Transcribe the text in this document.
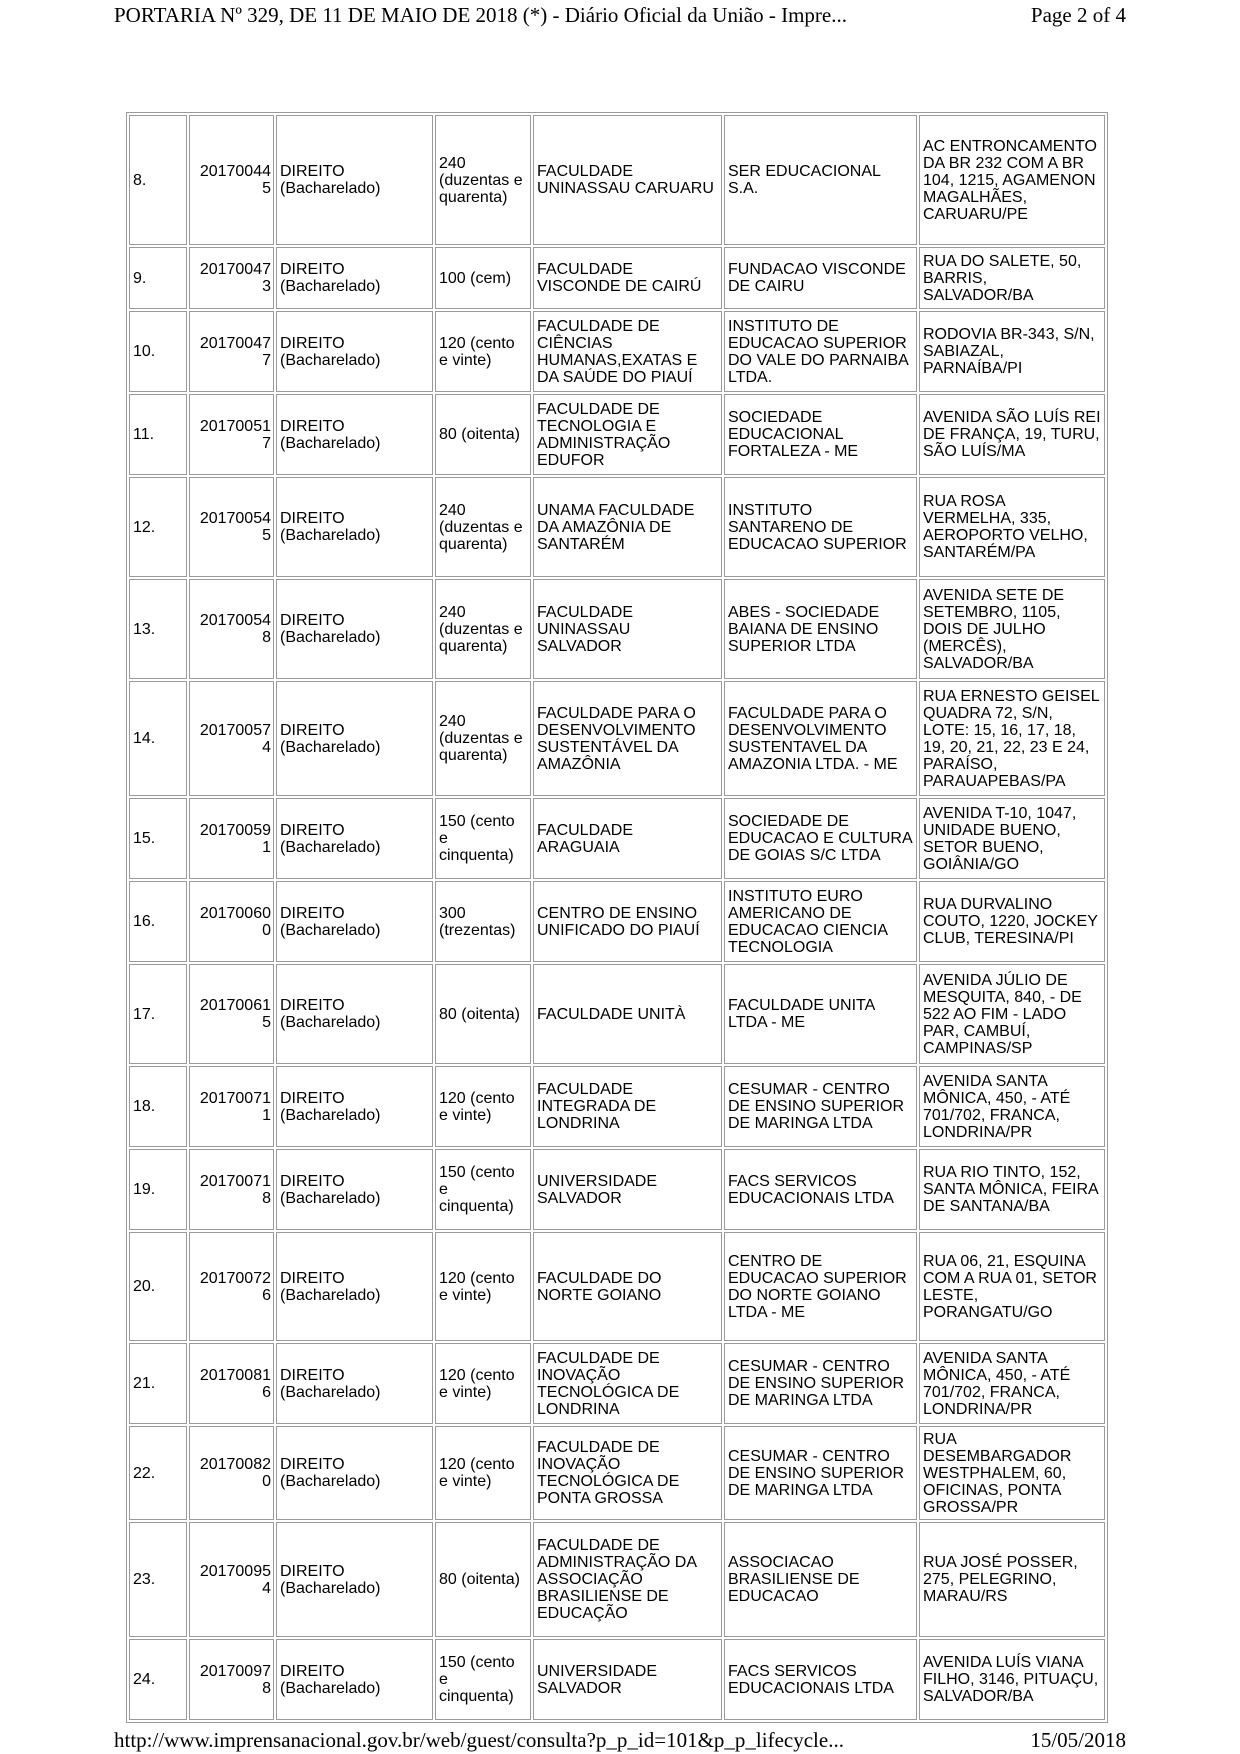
PORTARIA Nº 329, DE 11 DE MAIO DE 2018 (*) - Diário Oficial da União - Impre...	Page 2 of 4
8.	201700445	DIREITO (Bacharelado)	240 (duzentas e quarenta)	FACULDADE UNINASSAU CARUARU	SER EDUCACIONAL S.A.	AC ENTRONCAMENTO DA BR 232 COM A BR 104, 1215, AGAMENON MAGALHÃES, CARUARU/PE
9.	201700473	DIREITO (Bacharelado)	100 (cem)	FACULDADE VISCONDE DE CAIRÚ	FUNDACAO VISCONDE DE CAIRU	RUA DO SALETE, 50, BARRIS, SALVADOR/BA
10.	201700477	DIREITO (Bacharelado)	120 (cento e vinte)	FACULDADE DE CIÊNCIAS HUMANAS,EXATAS E DA SAÚDE DO PIAUÍ	INSTITUTO DE EDUCACAO SUPERIOR DO VALE DO PARNAIBA LTDA.	RODOVIA BR-343, S/N, SABIAZAL, PARNAÍBA/PI
11.	201700517	DIREITO (Bacharelado)	80 (oitenta)	FACULDADE DE TECNOLOGIA E ADMINISTRAÇÃO EDUFOR	SOCIEDADE EDUCACIONAL FORTALEZA - ME	AVENIDA SÃO LUÍS REI DE FRANÇA, 19, TURU, SÃO LUÍS/MA
12.	201700545	DIREITO (Bacharelado)	240 (duzentas e quarenta)	UNAMA FACULDADE DA AMAZÔNIA DE SANTARÉM	INSTITUTO SANTARENO DE EDUCACAO SUPERIOR	RUA ROSA VERMELHA, 335, AEROPORTO VELHO, SANTARÉM/PA
13.	201700548	DIREITO (Bacharelado)	240 (duzentas e quarenta)	FACULDADE UNINASSAU SALVADOR	ABES - SOCIEDADE BAIANA DE ENSINO SUPERIOR LTDA	AVENIDA SETE DE SETEMBRO, 1105, DOIS DE JULHO (MERCÊS), SALVADOR/BA
14.	201700574	DIREITO (Bacharelado)	240 (duzentas e quarenta)	FACULDADE PARA O DESENVOLVIMENTO SUSTENTÁVEL DA AMAZÔNIA	FACULDADE PARA O DESENVOLVIMENTO SUSTENTAVEL DA AMAZONIA LTDA. - ME	RUA ERNESTO GEISEL QUADRA 72, S/N, LOTE: 15, 16, 17, 18, 19, 20, 21, 22, 23 E 24, PARAÍSO, PARAUAPEBAS/PA
15.	201700591	DIREITO (Bacharelado)	150 (cento e cinquenta)	FACULDADE ARAGUAIA	SOCIEDADE DE EDUCACAO E CULTURA DE GOIAS S/C LTDA	AVENIDA T-10, 1047, UNIDADE BUENO, SETOR BUENO, GOIÂNIA/GO
16.	201700600	DIREITO (Bacharelado)	300 (trezentas)	CENTRO DE ENSINO UNIFICADO DO PIAUÍ	INSTITUTO EURO AMERICANO DE EDUCACAO CIENCIA TECNOLOGIA	RUA DURVALINO COUTO, 1220, JOCKEY CLUB, TERESINA/PI
17.	201700615	DIREITO (Bacharelado)	80 (oitenta)	FACULDADE UNITÀ	FACULDADE UNITA LTDA - ME	AVENIDA JÚLIO DE MESQUITA, 840, - DE 522 AO FIM - LADO PAR, CAMBUÍ, CAMPINAS/SP
18.	201700711	DIREITO (Bacharelado)	120 (cento e vinte)	FACULDADE INTEGRADA DE LONDRINA	CESUMAR - CENTRO DE ENSINO SUPERIOR DE MARINGA LTDA	AVENIDA SANTA MÔNICA, 450, - ATÉ 701/702, FRANCA, LONDRINA/PR
19.	201700718	DIREITO (Bacharelado)	150 (cento e cinquenta)	UNIVERSIDADE SALVADOR	FACS SERVICOS EDUCACIONAIS LTDA	RUA RIO TINTO, 152, SANTA MÔNICA, FEIRA DE SANTANA/BA
20.	201700726	DIREITO (Bacharelado)	120 (cento e vinte)	FACULDADE DO NORTE GOIANO	CENTRO DE EDUCACAO SUPERIOR DO NORTE GOIANO LTDA - ME	RUA 06, 21, ESQUINA COM A RUA 01, SETOR LESTE, PORANGATU/GO
21.	201700816	DIREITO (Bacharelado)	120 (cento e vinte)	FACULDADE DE INOVAÇÃO TECNOLÓGICA DE LONDRINA	CESUMAR - CENTRO DE ENSINO SUPERIOR DE MARINGA LTDA	AVENIDA SANTA MÔNICA, 450, - ATÉ 701/702, FRANCA, LONDRINA/PR
22.	201700820	DIREITO (Bacharelado)	120 (cento e vinte)	FACULDADE DE INOVAÇÃO TECNOLÓGICA DE PONTA GROSSA	CESUMAR - CENTRO DE ENSINO SUPERIOR DE MARINGA LTDA	RUA DESEMBARGADOR WESTPHALEM, 60, OFICINAS, PONTA GROSSA/PR
23.	201700954	DIREITO (Bacharelado)	80 (oitenta)	FACULDADE DE ADMINISTRAÇÃO DA ASSOCIAÇÃO BRASILIENSE DE EDUCAÇÃO	ASSOCIACAO BRASILIENSE DE EDUCACAO	RUA JOSÉ POSSER, 275, PELEGRINO, MARAU/RS
24.	201700978	DIREITO (Bacharelado)	150 (cento e cinquenta)	UNIVERSIDADE SALVADOR	FACS SERVICOS EDUCACIONAIS LTDA	AVENIDA LUÍS VIANA FILHO, 3146, PITUAÇU, SALVADOR/BA
http://www.imprensanacional.gov.br/web/guest/consulta?p_p_id=101&p_p_lifecycle...	15/05/2018
